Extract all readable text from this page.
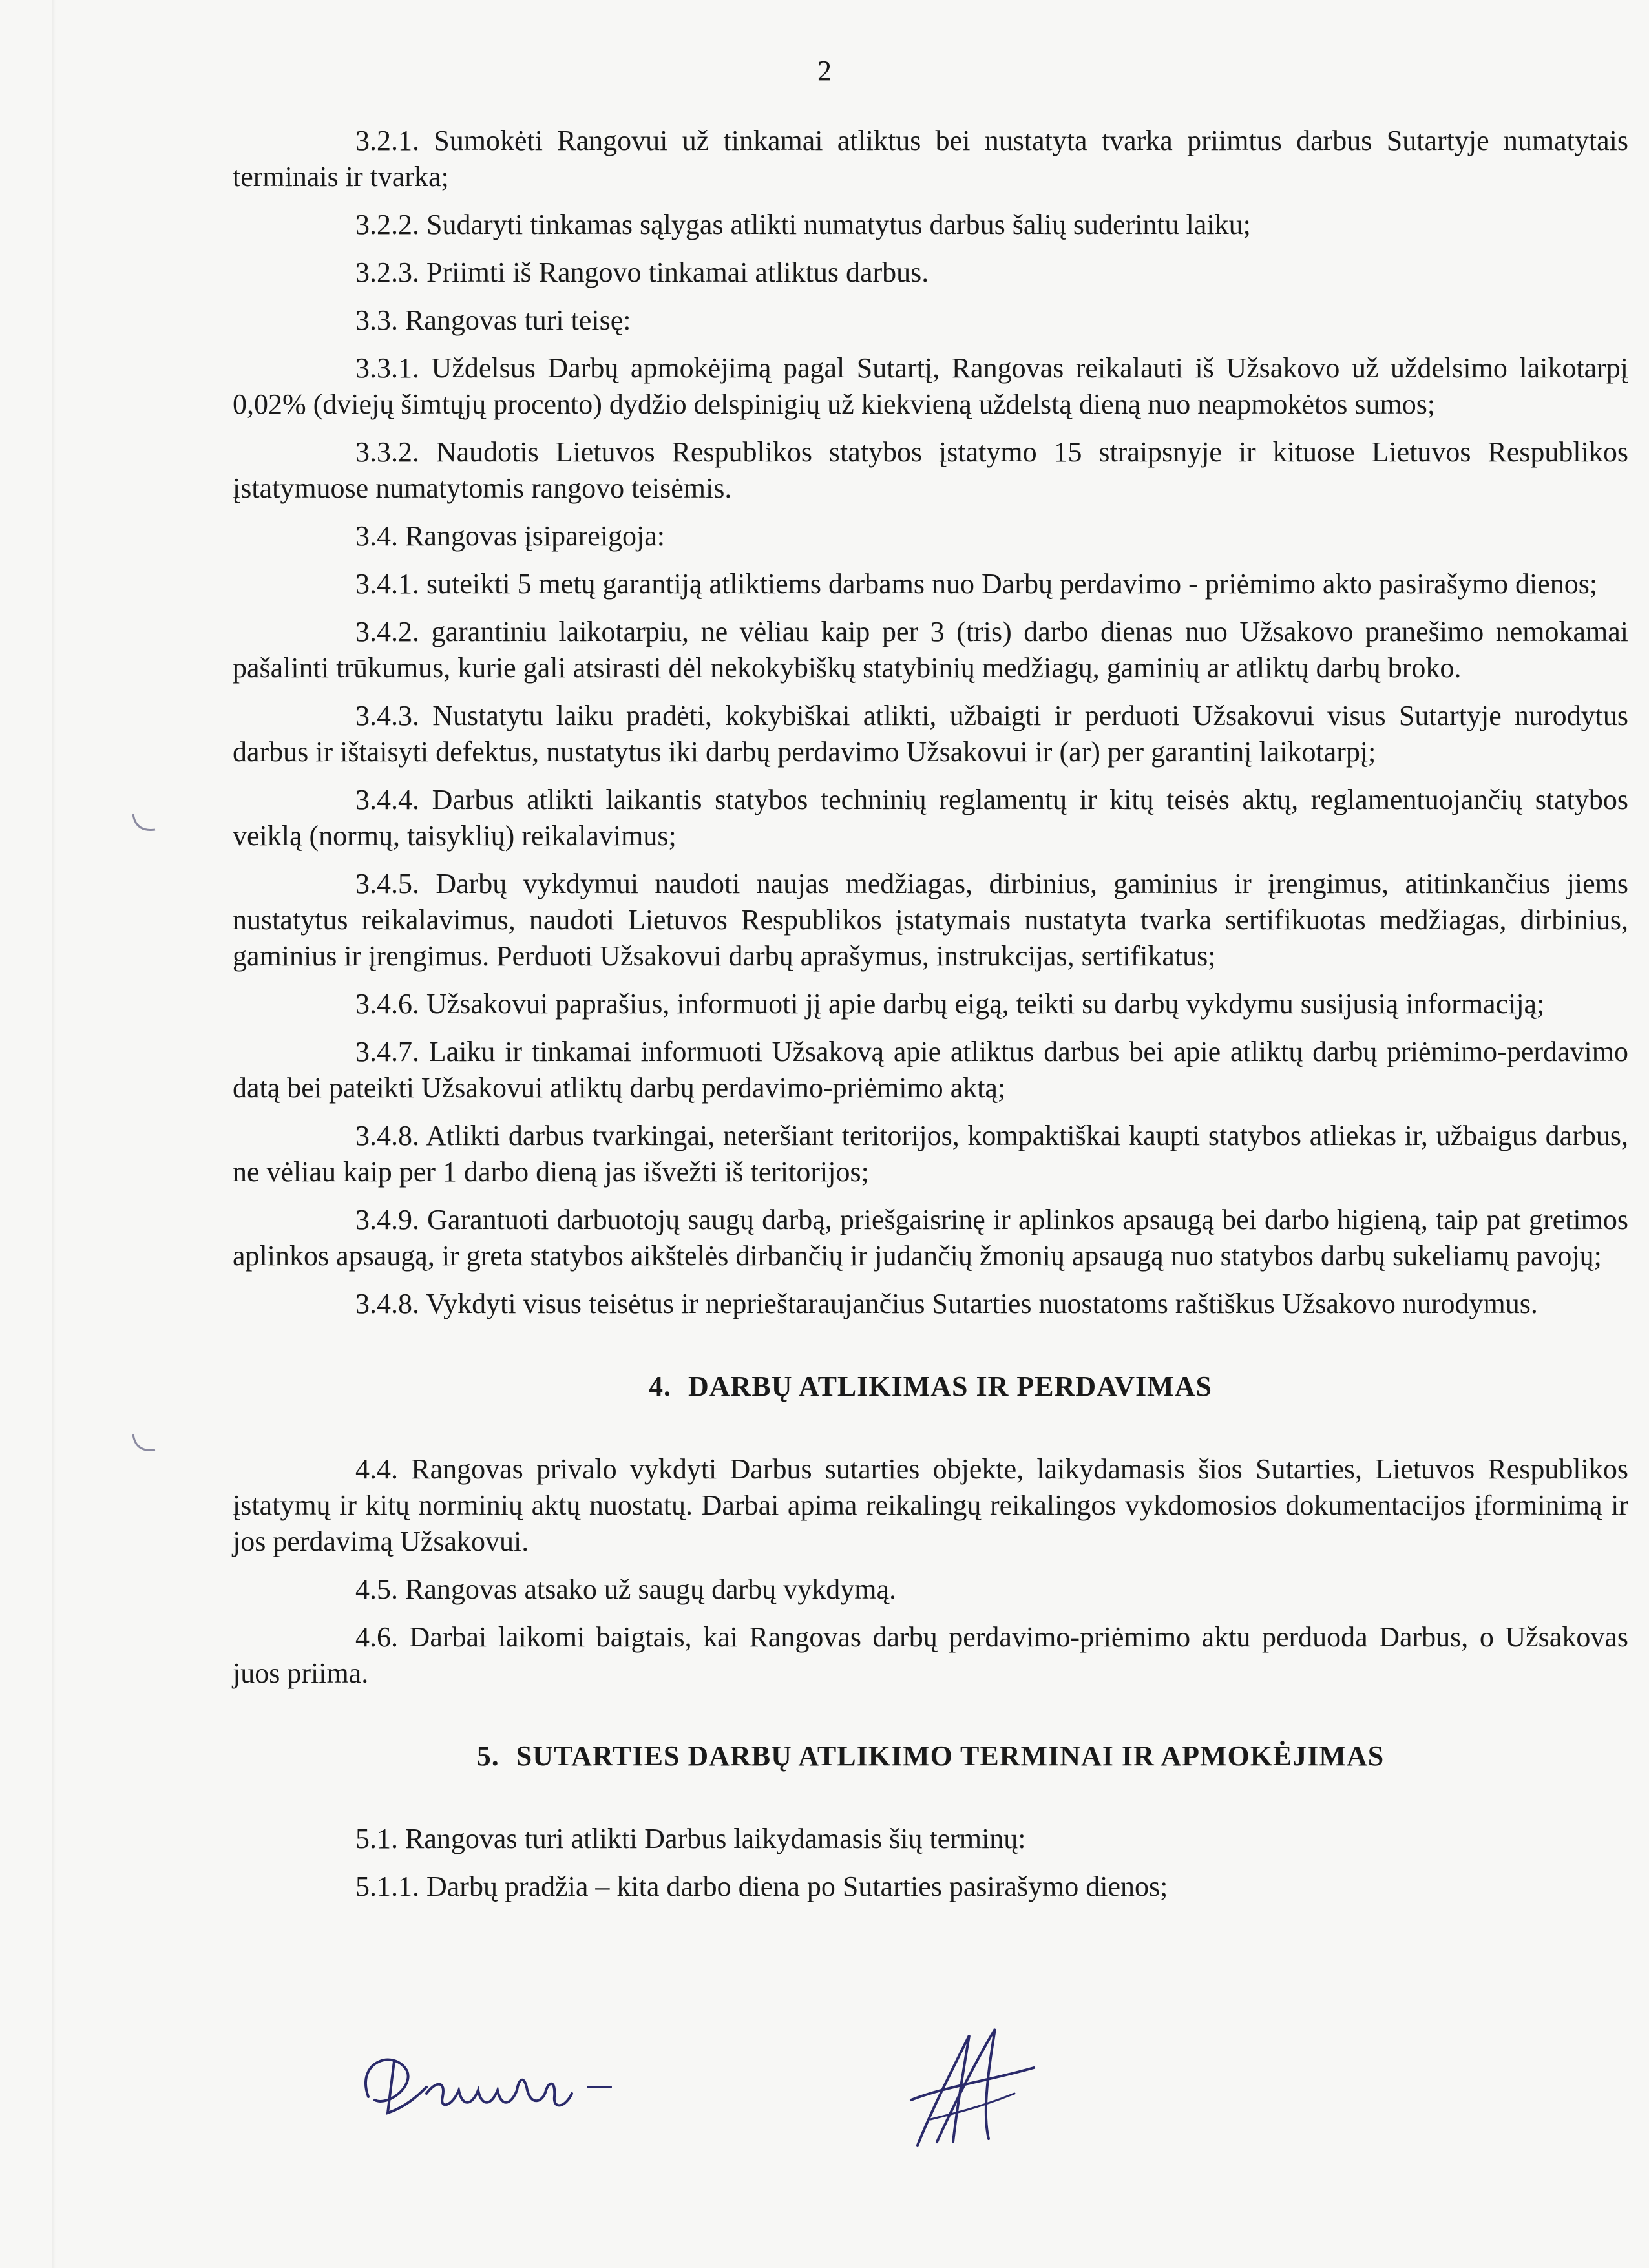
2

3.2.1. Sumokėti Rangovui už tinkamai atliktus bei nustatyta tvarka priimtus darbus Sutartyje numatytais terminais ir tvarka;

3.2.2. Sudaryti tinkamas sąlygas atlikti numatytus darbus šalių suderintu laiku;

3.2.3. Priimti iš Rangovo tinkamai atliktus darbus.

3.3. Rangovas turi teisę:

3.3.1. Uždelsus Darbų apmokėjimą pagal Sutartį, Rangovas reikalauti iš Užsakovo už uždelsimo laikotarpį 0,02% (dviejų šimtųjų procento) dydžio delspinigių už kiekvieną uždelstą dieną nuo neapmokėtos sumos;

3.3.2. Naudotis Lietuvos Respublikos statybos įstatymo 15 straipsnyje ir kituose Lietuvos Respublikos įstatymuose numatytomis rangovo teisėmis.

3.4. Rangovas įsipareigoja:

3.4.1. suteikti 5 metų garantiją atliktiems darbams nuo Darbų perdavimo - priėmimo akto pasirašymo dienos;

3.4.2. garantiniu laikotarpiu, ne vėliau kaip per 3 (tris) darbo dienas nuo Užsakovo pranešimo nemokamai pašalinti trūkumus, kurie gali atsirasti dėl nekokybiškų statybinių medžiagų, gaminių ar atliktų darbų broko.

3.4.3. Nustatytu laiku pradėti, kokybiškai atlikti, užbaigti ir perduoti Užsakovui visus Sutartyje nurodytus darbus ir ištaisyti defektus, nustatytus iki darbų perdavimo Užsakovui ir (ar) per garantinį laikotarpį;

3.4.4. Darbus atlikti laikantis statybos techninių reglamentų ir kitų teisės aktų, reglamentuojančių statybos veiklą (normų, taisyklių) reikalavimus;

3.4.5. Darbų vykdymui naudoti naujas medžiagas, dirbinius, gaminius ir įrengimus, atitinkančius jiems nustatytus reikalavimus, naudoti Lietuvos Respublikos įstatymais nustatyta tvarka sertifikuotas medžiagas, dirbinius, gaminius ir įrengimus. Perduoti Užsakovui darbų aprašymus, instrukcijas, sertifikatus;

3.4.6. Užsakovui paprašius, informuoti jį apie darbų eigą, teikti su darbų vykdymu susijusią informaciją;

3.4.7. Laiku ir tinkamai informuoti Užsakovą apie atliktus darbus bei apie atliktų darbų priėmimo-perdavimo datą bei pateikti Užsakovui atliktų darbų perdavimo-priėmimo aktą;

3.4.8. Atlikti darbus tvarkingai, neteršiant teritorijos, kompaktiškai kaupti statybos atliekas ir, užbaigus darbus, ne vėliau kaip per 1 darbo dieną jas išvežti iš teritorijos;

3.4.9. Garantuoti darbuotojų saugų darbą, priešgaisrinę ir aplinkos apsaugą bei darbo higieną, taip pat gretimos aplinkos apsaugą, ir greta statybos aikštelės dirbančių ir judančių žmonių apsaugą nuo statybos darbų sukeliamų pavojų;

3.4.8. Vykdyti visus teisėtus ir neprieštaraujančius Sutarties nuostatoms raštiškus Užsakovo nurodymus.

4. DARBŲ ATLIKIMAS IR PERDAVIMAS

4.4. Rangovas privalo vykdyti Darbus sutarties objekte, laikydamasis šios Sutarties, Lietuvos Respublikos įstatymų ir kitų norminių aktų nuostatų. Darbai apima reikalingų reikalingos vykdomosios dokumentacijos įforminimą ir jos perdavimą Užsakovui.

4.5. Rangovas atsako už saugų darbų vykdymą.

4.6. Darbai laikomi baigtais, kai Rangovas darbų perdavimo-priėmimo aktu perduoda Darbus, o Užsakovas juos priima.

5. SUTARTIES DARBŲ ATLIKIMO TERMINAI IR APMOKĖJIMAS

5.1. Rangovas turi atlikti Darbus laikydamasis šių terminų:

5.1.1. Darbų pradžia – kita darbo diena po Sutarties pasirašymo dienos;
